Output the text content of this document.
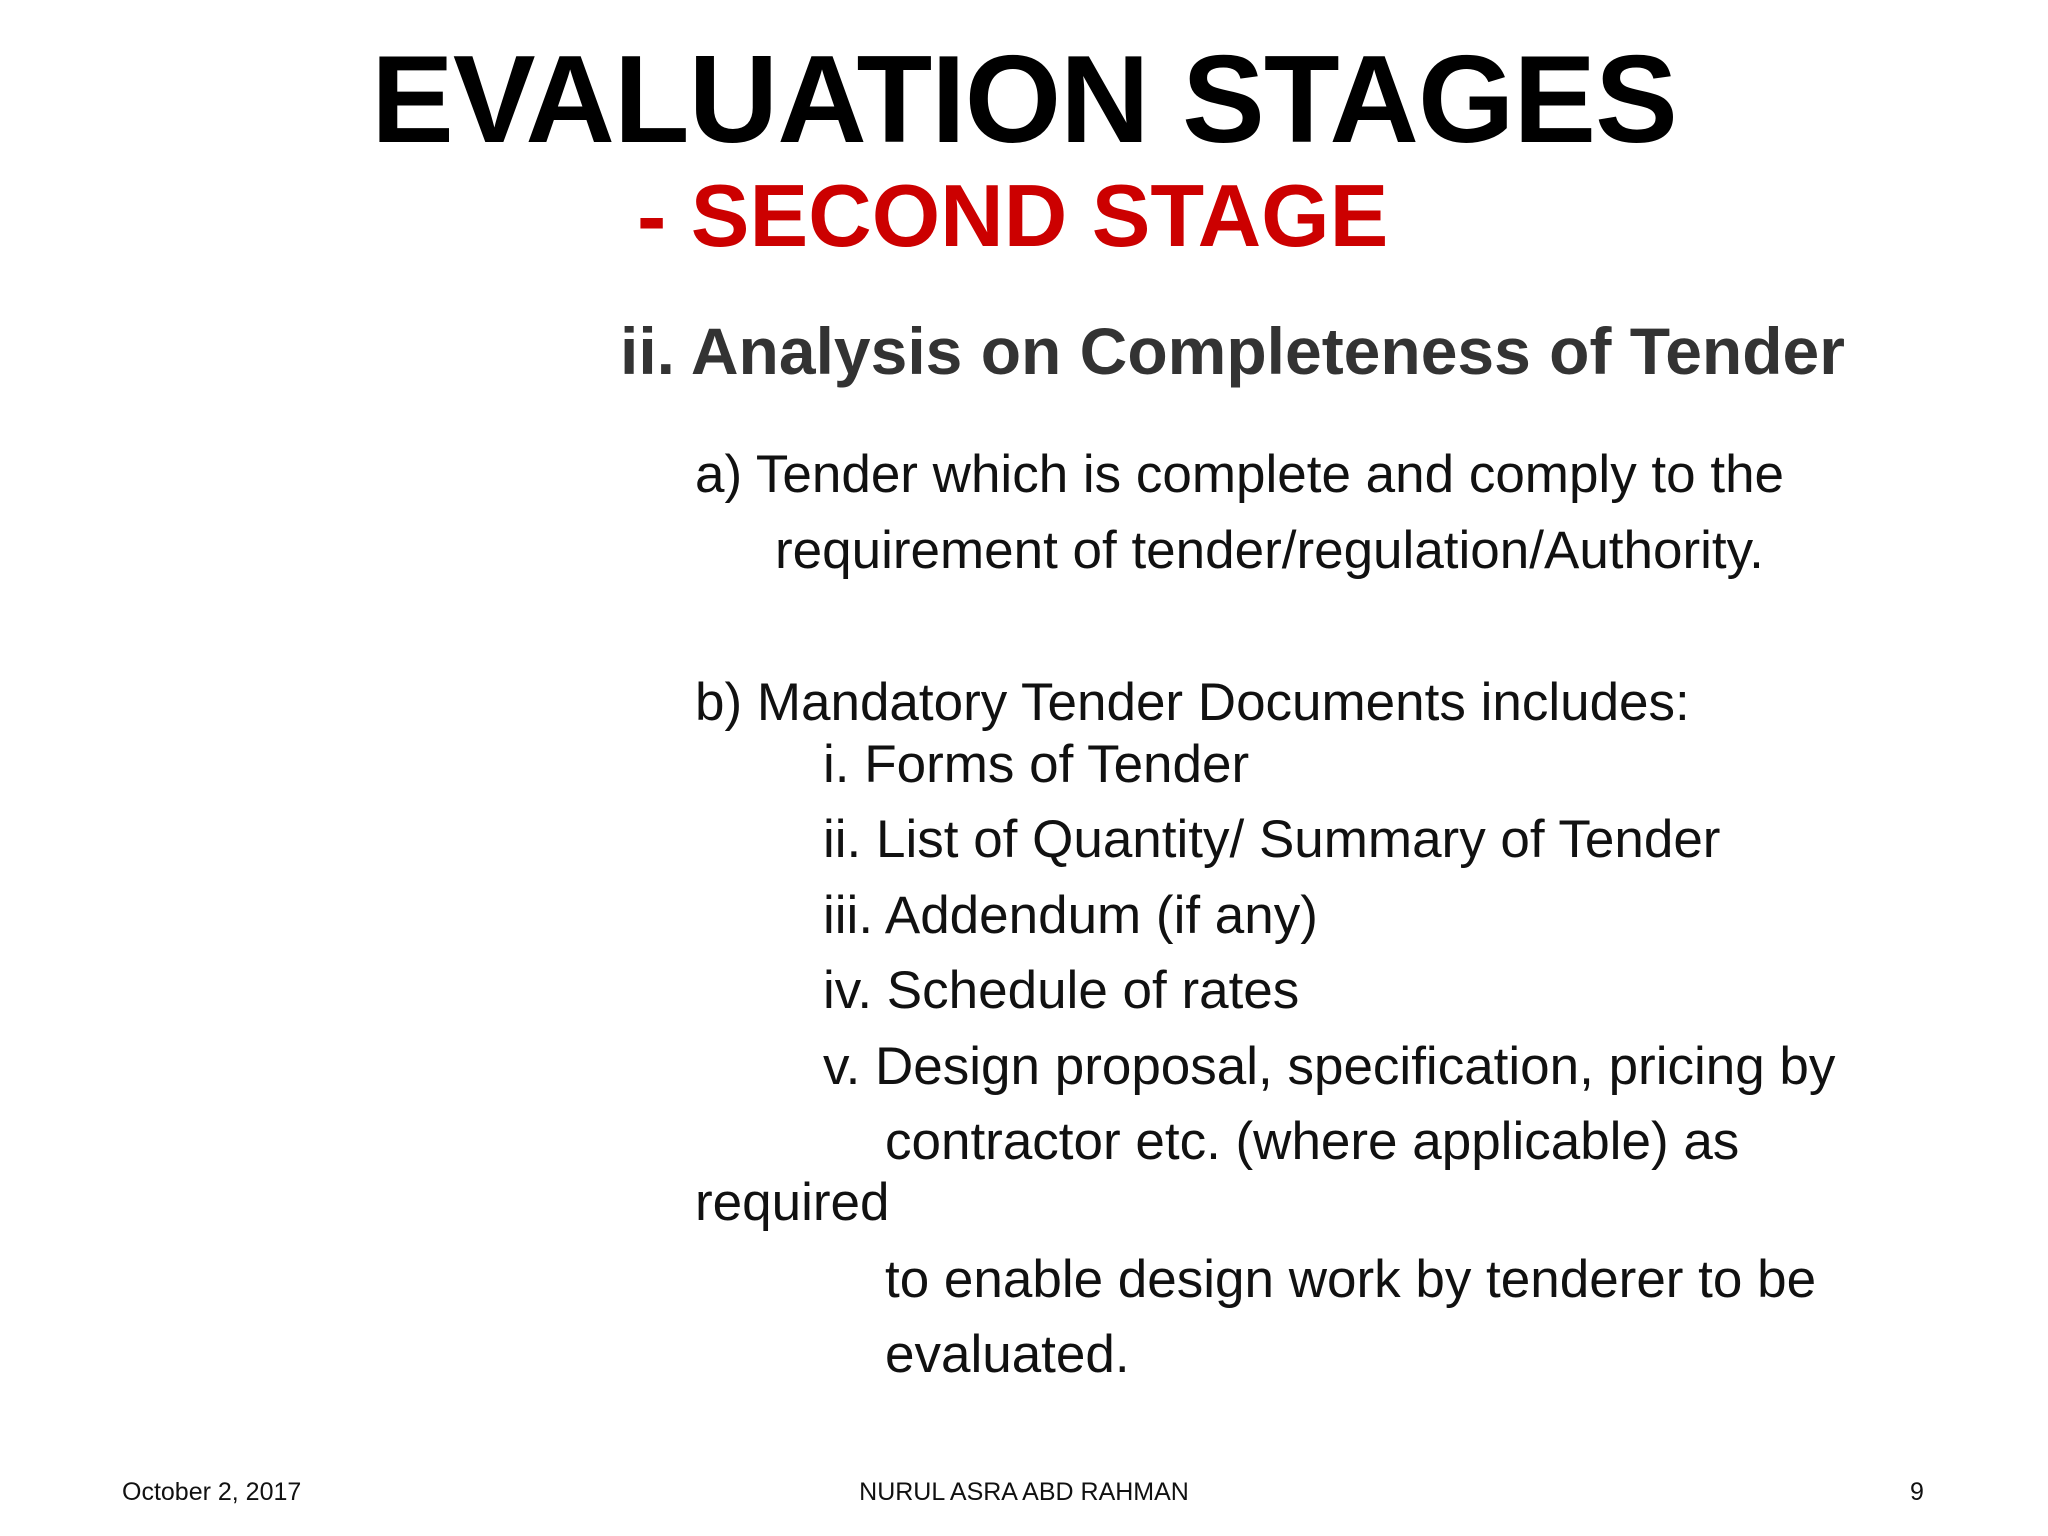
EVALUATION STAGES
- SECOND STAGE
ii. Analysis on Completeness of Tender

a) Tender which is complete and comply to the

requirement of tender/regulation/Authority.

b) Mandatory Tender Documents includes:

i. Forms of Tender

ii. List of Quantity/ Summary of Tender

iii. Addendum (if any)

iv. Schedule of rates

v. Design proposal, specification, pricing by

contractor etc. (where applicable) as

required

to enable design work by tenderer to be

evaluated.

October 2, 2017	NURUL ASRA ABD RAHMAN	9
